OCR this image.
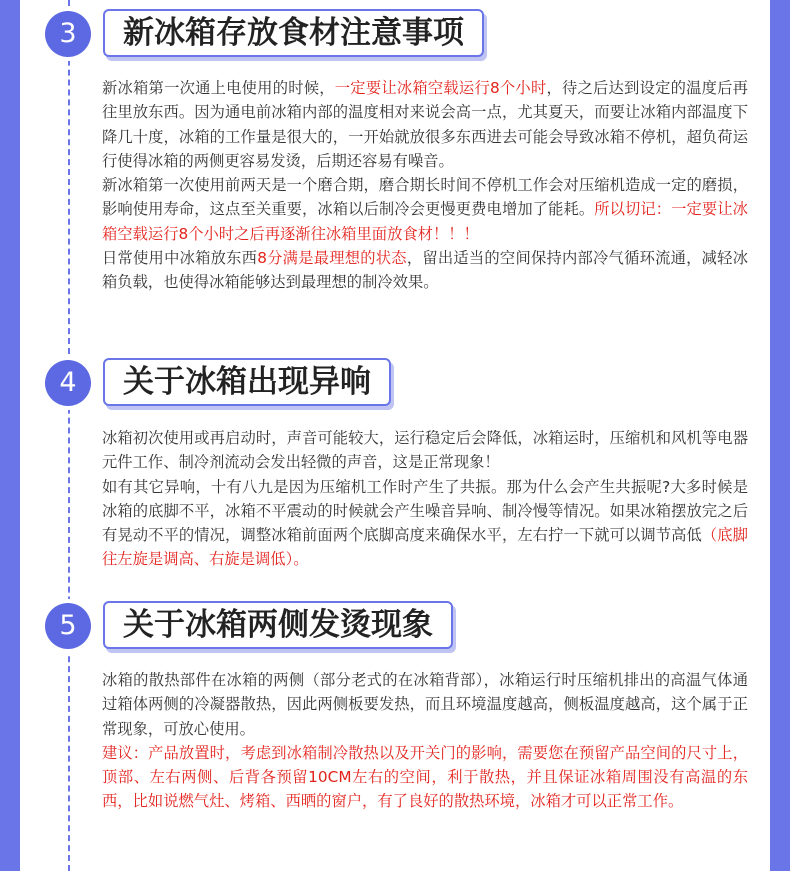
3	新冰箱存放食材注意事项

新冰箱第一次通上电使用的时候，一定要让冰箱空载运行8个小时，待之后达到设定的温度后再往里放东西。因为通电前冰箱内部的温度相对来说会高一点，尤其夏天，而要让冰箱内部温度下降几十度，冰箱的工作量是很大的，一开始就放很多东西进去可能会导致冰箱不停机，超负荷运行使得冰箱的两侧更容易发烫，后期还容易有噪音。

新冰箱第一次使用前两天是一个磨合期，磨合期长时间不停机工作会对压缩机造成一定的磨损，影响使用寿命，这点至关重要，冰箱以后制冷会更慢更费电增加了能耗。所以切记：一定要让冰箱空载运行8个小时之后再逐渐往冰箱里面放食材！！！

日常使用中冰箱放东西8分满是最理想的状态，留出适当的空间保持内部冷气循环流通，减轻冰箱负载，也使得冰箱能够达到最理想的制冷效果。

4	关于冰箱出现异响

冰箱初次使用或再启动时，声音可能较大，运行稳定后会降低，冰箱运时，压缩机和风机等电器元件工作、制冷剂流动会发出轻微的声音，这是正常现象！

如有其它异响，十有八九是因为压缩机工作时产生了共振。那为什么会产生共振呢?大多时候是冰箱的底脚不平，冰箱不平震动的时候就会产生噪音异响、制冷慢等情况。如果冰箱摆放完之后有晃动不平的情况，调整冰箱前面两个底脚高度来确保水平，左右拧一下就可以调节高低（底脚往左旋是调高、右旋是调低）。

5	关于冰箱两侧发烫现象

冰箱的散热部件在冰箱的两侧（部分老式的在冰箱背部），冰箱运行时压缩机排出的高温气体通过箱体两侧的冷凝器散热，因此两侧板要发热，而且环境温度越高，侧板温度越高，这个属于正常现象，可放心使用。

建议：产品放置时，考虑到冰箱制冷散热以及开关门的影响，需要您在预留产品空间的尺寸上，顶部、左右两侧、后背各预留10CM左右的空间，利于散热，并且保证冰箱周围没有高温的东西，比如说燃气灶、烤箱、西晒的窗户，有了良好的散热环境，冰箱才可以正常工作。
